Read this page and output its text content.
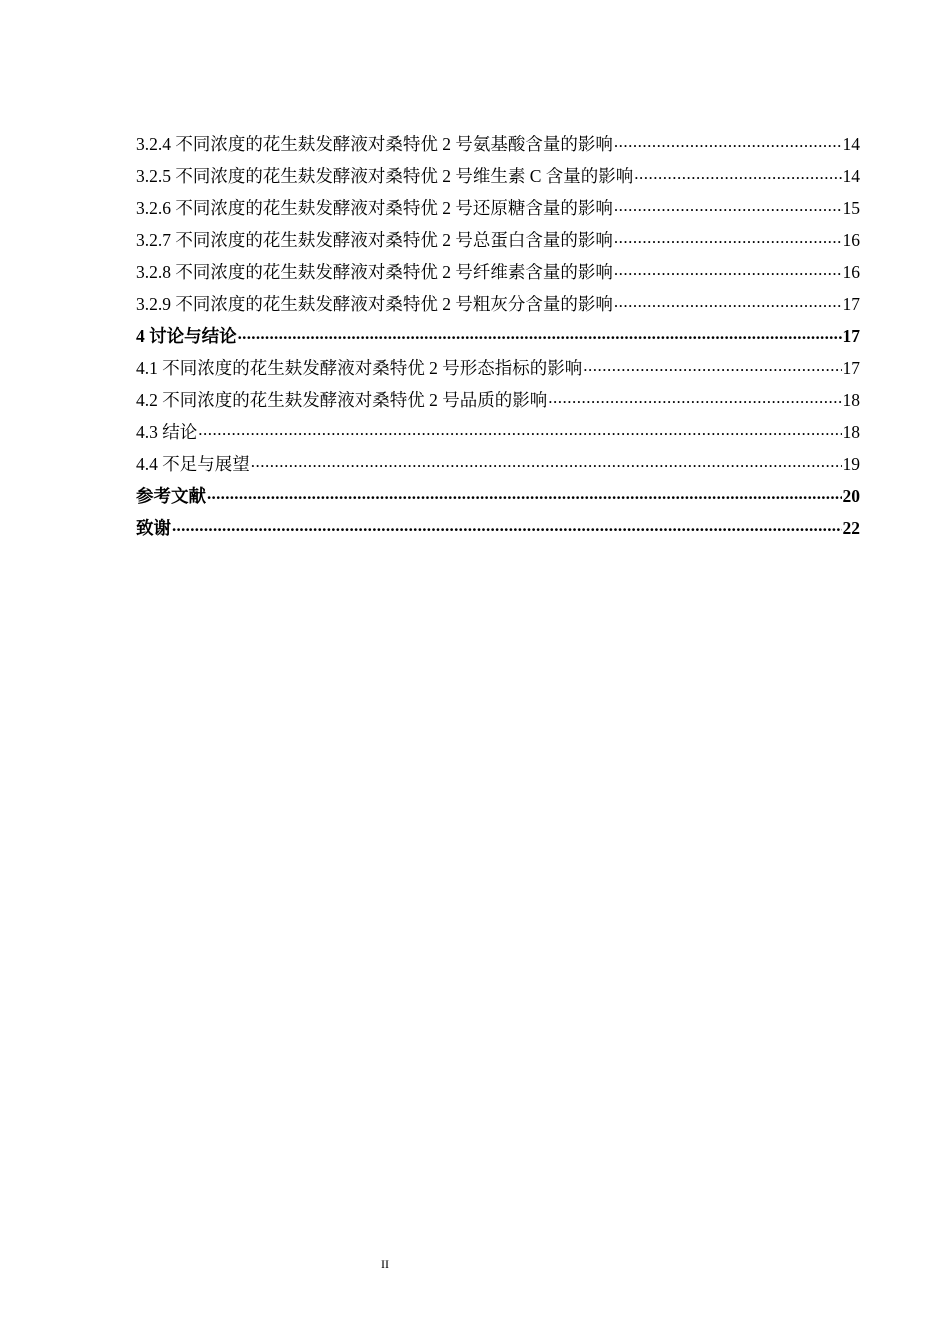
3.2.4 不同浓度的花生麸发酵液对桑特优 2 号氨基酸含量的影响 .....	14
3.2.5 不同浓度的花生麸发酵液对桑特优 2 号维生素 C 含量的影响 .....	14
3.2.6 不同浓度的花生麸发酵液对桑特优 2 号还原糖含量的影响 .....	15
3.2.7 不同浓度的花生麸发酵液对桑特优 2 号总蛋白含量的影响 .....	16
3.2.8 不同浓度的花生麸发酵液对桑特优 2 号纤维素含量的影响 .....	16
3.2.9 不同浓度的花生麸发酵液对桑特优 2 号粗灰分含量的影响 .....	17
4 讨论与结论 .....	17
4.1 不同浓度的花生麸发酵液对桑特优 2 号形态指标的影响 .....	17
4.2 不同浓度的花生麸发酵液对桑特优 2 号品质的影响 .....	18
4.3 结论 .....	18
4.4 不足与展望 .....	19
参考文献 .....	20
致谢 .....	22
II
